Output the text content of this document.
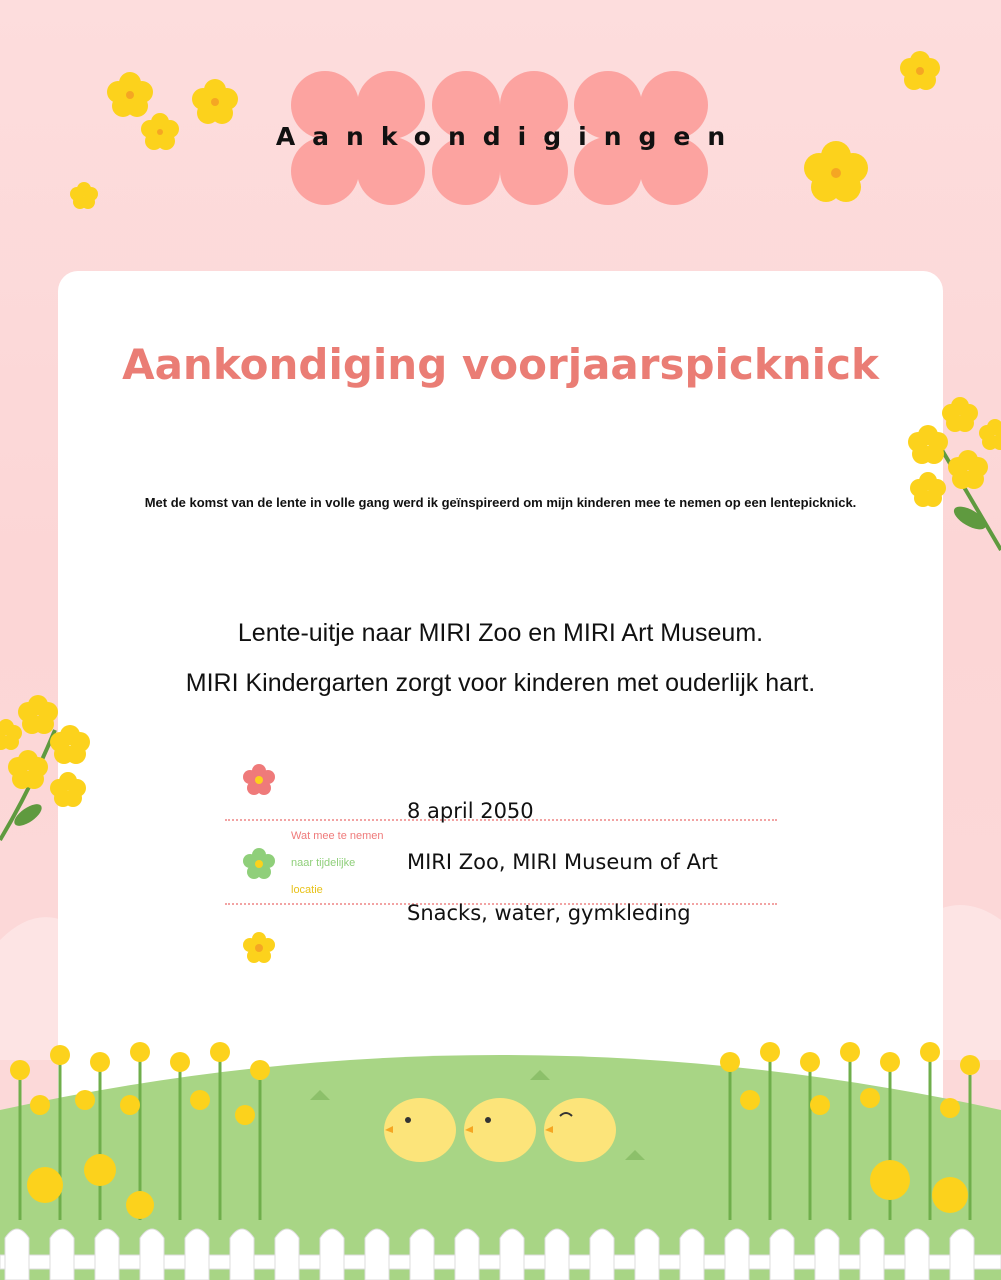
Aankondigingen
Aankondiging voorjaarspicknick
Met de komst van de lente in volle gang werd ik geïnspireerd om mijn kinderen mee te nemen op een lentepicknick.
Lente-uitje naar MIRI Zoo en MIRI Art Museum.
MIRI Kindergarten zorgt voor kinderen met ouderlijk hart.
Wat mee te nemen
naar tijdelijke
locatie
8 april 2050
MIRI Zoo, MIRI Museum of Art
Snacks, water, gymkleding
